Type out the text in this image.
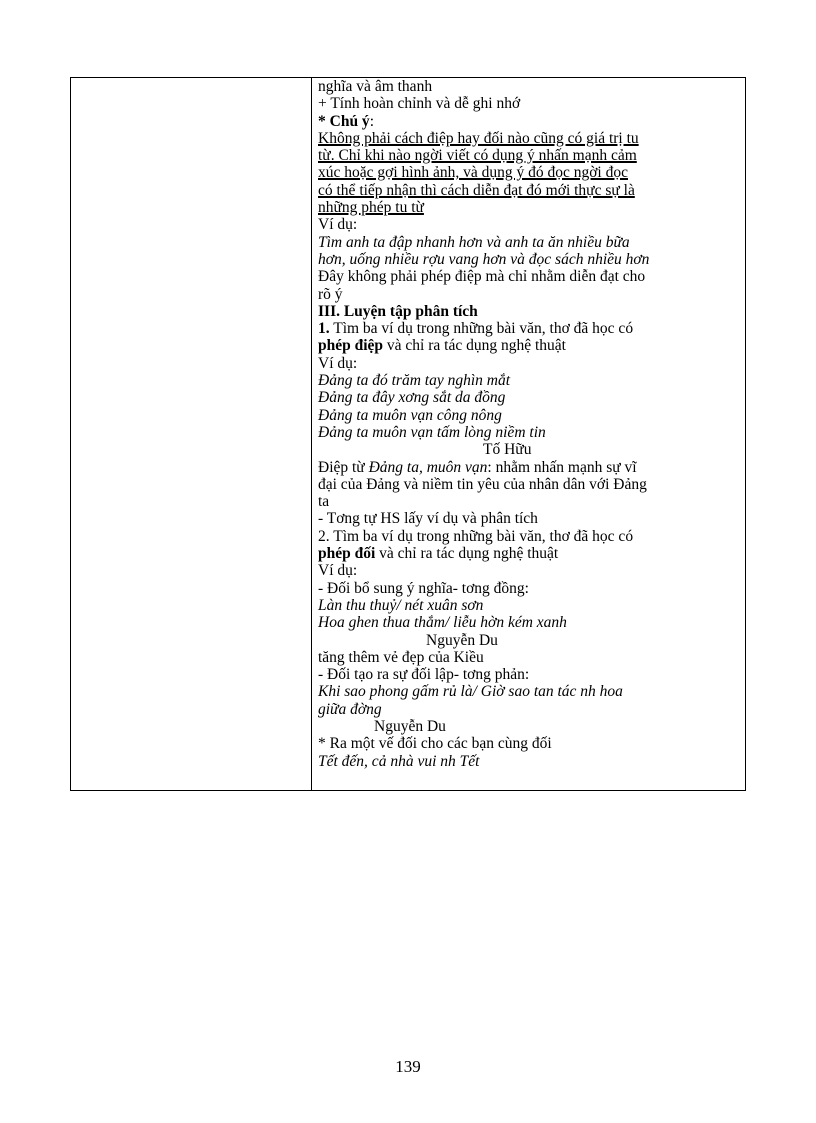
nghĩa và âm thanh
+ Tính hoàn chỉnh và dễ ghi nhớ
* Chú ý:
Không phải cách điệp hay đối nào cũng có giá trị tu
từ. Chỉ khi nào ngời viết có dụng ý nhấn mạnh cảm
xúc hoặc gợi hình ảnh, và dụng ý đó đọc ngời đọc
có thể tiếp nhận thì cách diễn đạt đó mới thực sự là
những phép tu từ
Ví dụ:
Tìm anh ta đập nhanh hơn và anh ta ăn nhiều bữa
hơn, uống nhiều rợu vang hơn và đọc sách nhiều hơn
Đây không phải phép điệp mà chỉ nhằm diễn đạt cho
rõ ý
III. Luyện tập phân tích
1. Tìm ba ví dụ trong những bài văn, thơ đã học có
phép điệp và chỉ ra tác dụng nghệ thuật
Ví dụ:
Đảng ta đó trăm tay nghìn mắt
Đảng ta đây xơng sắt da đồng
Đảng ta muôn vạn công nông
Đảng ta muôn vạn tấm lòng niềm tin
Tố Hữu
Điệp từ Đảng ta, muôn vạn: nhằm nhấn mạnh sự vĩ
đại của Đảng và niềm tin yêu của nhân dân với Đảng
ta
- Tơng tự HS lấy ví dụ và phân tích
2. Tìm ba ví dụ trong những bài văn, thơ đã học có
phép đối và chỉ ra tác dụng nghệ thuật
Ví dụ:
- Đối bổ sung ý nghĩa- tơng đồng:
Làn thu thuỷ/ nét xuân sơn
Hoa ghen thua thắm/ liễu hờn kém xanh
Nguyễn Du
tăng thêm vẻ đẹp của Kiều
- Đối tạo ra sự đối lập- tơng phản:
Khi sao phong gấm rủ là/ Giờ sao tan tác nh hoa
giữa đờng
Nguyễn Du
* Ra một vế đối cho các bạn cùng đối
Tết đến, cả nhà vui nh Tết
139
